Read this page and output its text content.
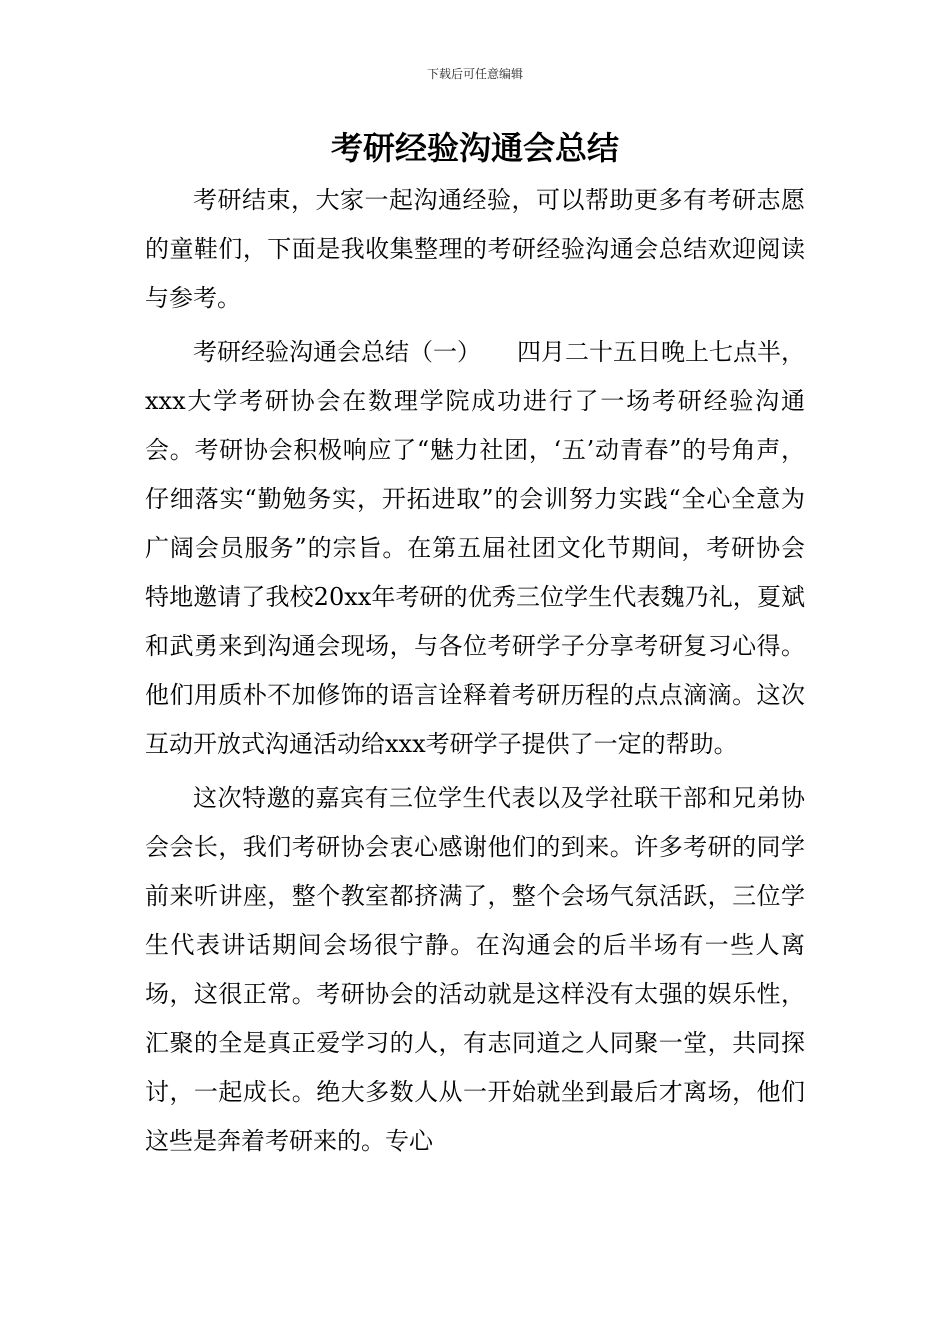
下载后可任意编辑
考研经验沟通会总结

考研结束，大家一起沟通经验，可以帮助更多有考研志愿的童鞋们，下面是我收集整理的考研经验沟通会总结欢迎阅读与参考。

考研经验沟通会总结（一）　　四月二十五日晚上七点半，xxx大学考研协会在数理学院成功进行了一场考研经验沟通会。考研协会积极响应了“魅力社团，‘五’动青春”的号角声，仔细落实“勤勉务实，开拓进取”的会训努力实践“全心全意为广阔会员服务”的宗旨。在第五届社团文化节期间，考研协会特地邀请了我校20xx年考研的优秀三位学生代表魏乃礼，夏斌和武勇来到沟通会现场，与各位考研学子分享考研复习心得。他们用质朴不加修饰的语言诠释着考研历程的点点滴滴。这次互动开放式沟通活动给xxx考研学子提供了一定的帮助。

这次特邀的嘉宾有三位学生代表以及学社联干部和兄弟协会会长，我们考研协会衷心感谢他们的到来。许多考研的同学前来听讲座，整个教室都挤满了，整个会场气氛活跃，三位学生代表讲话期间会场很宁静。在沟通会的后半场有一些人离场，这很正常。考研协会的活动就是这样没有太强的娱乐性，汇聚的全是真正爱学习的人，有志同道之人同聚一堂，共同探讨，一起成长。绝大多数人从一开始就坐到最后才离场，他们这些是奔着考研来的。专心
